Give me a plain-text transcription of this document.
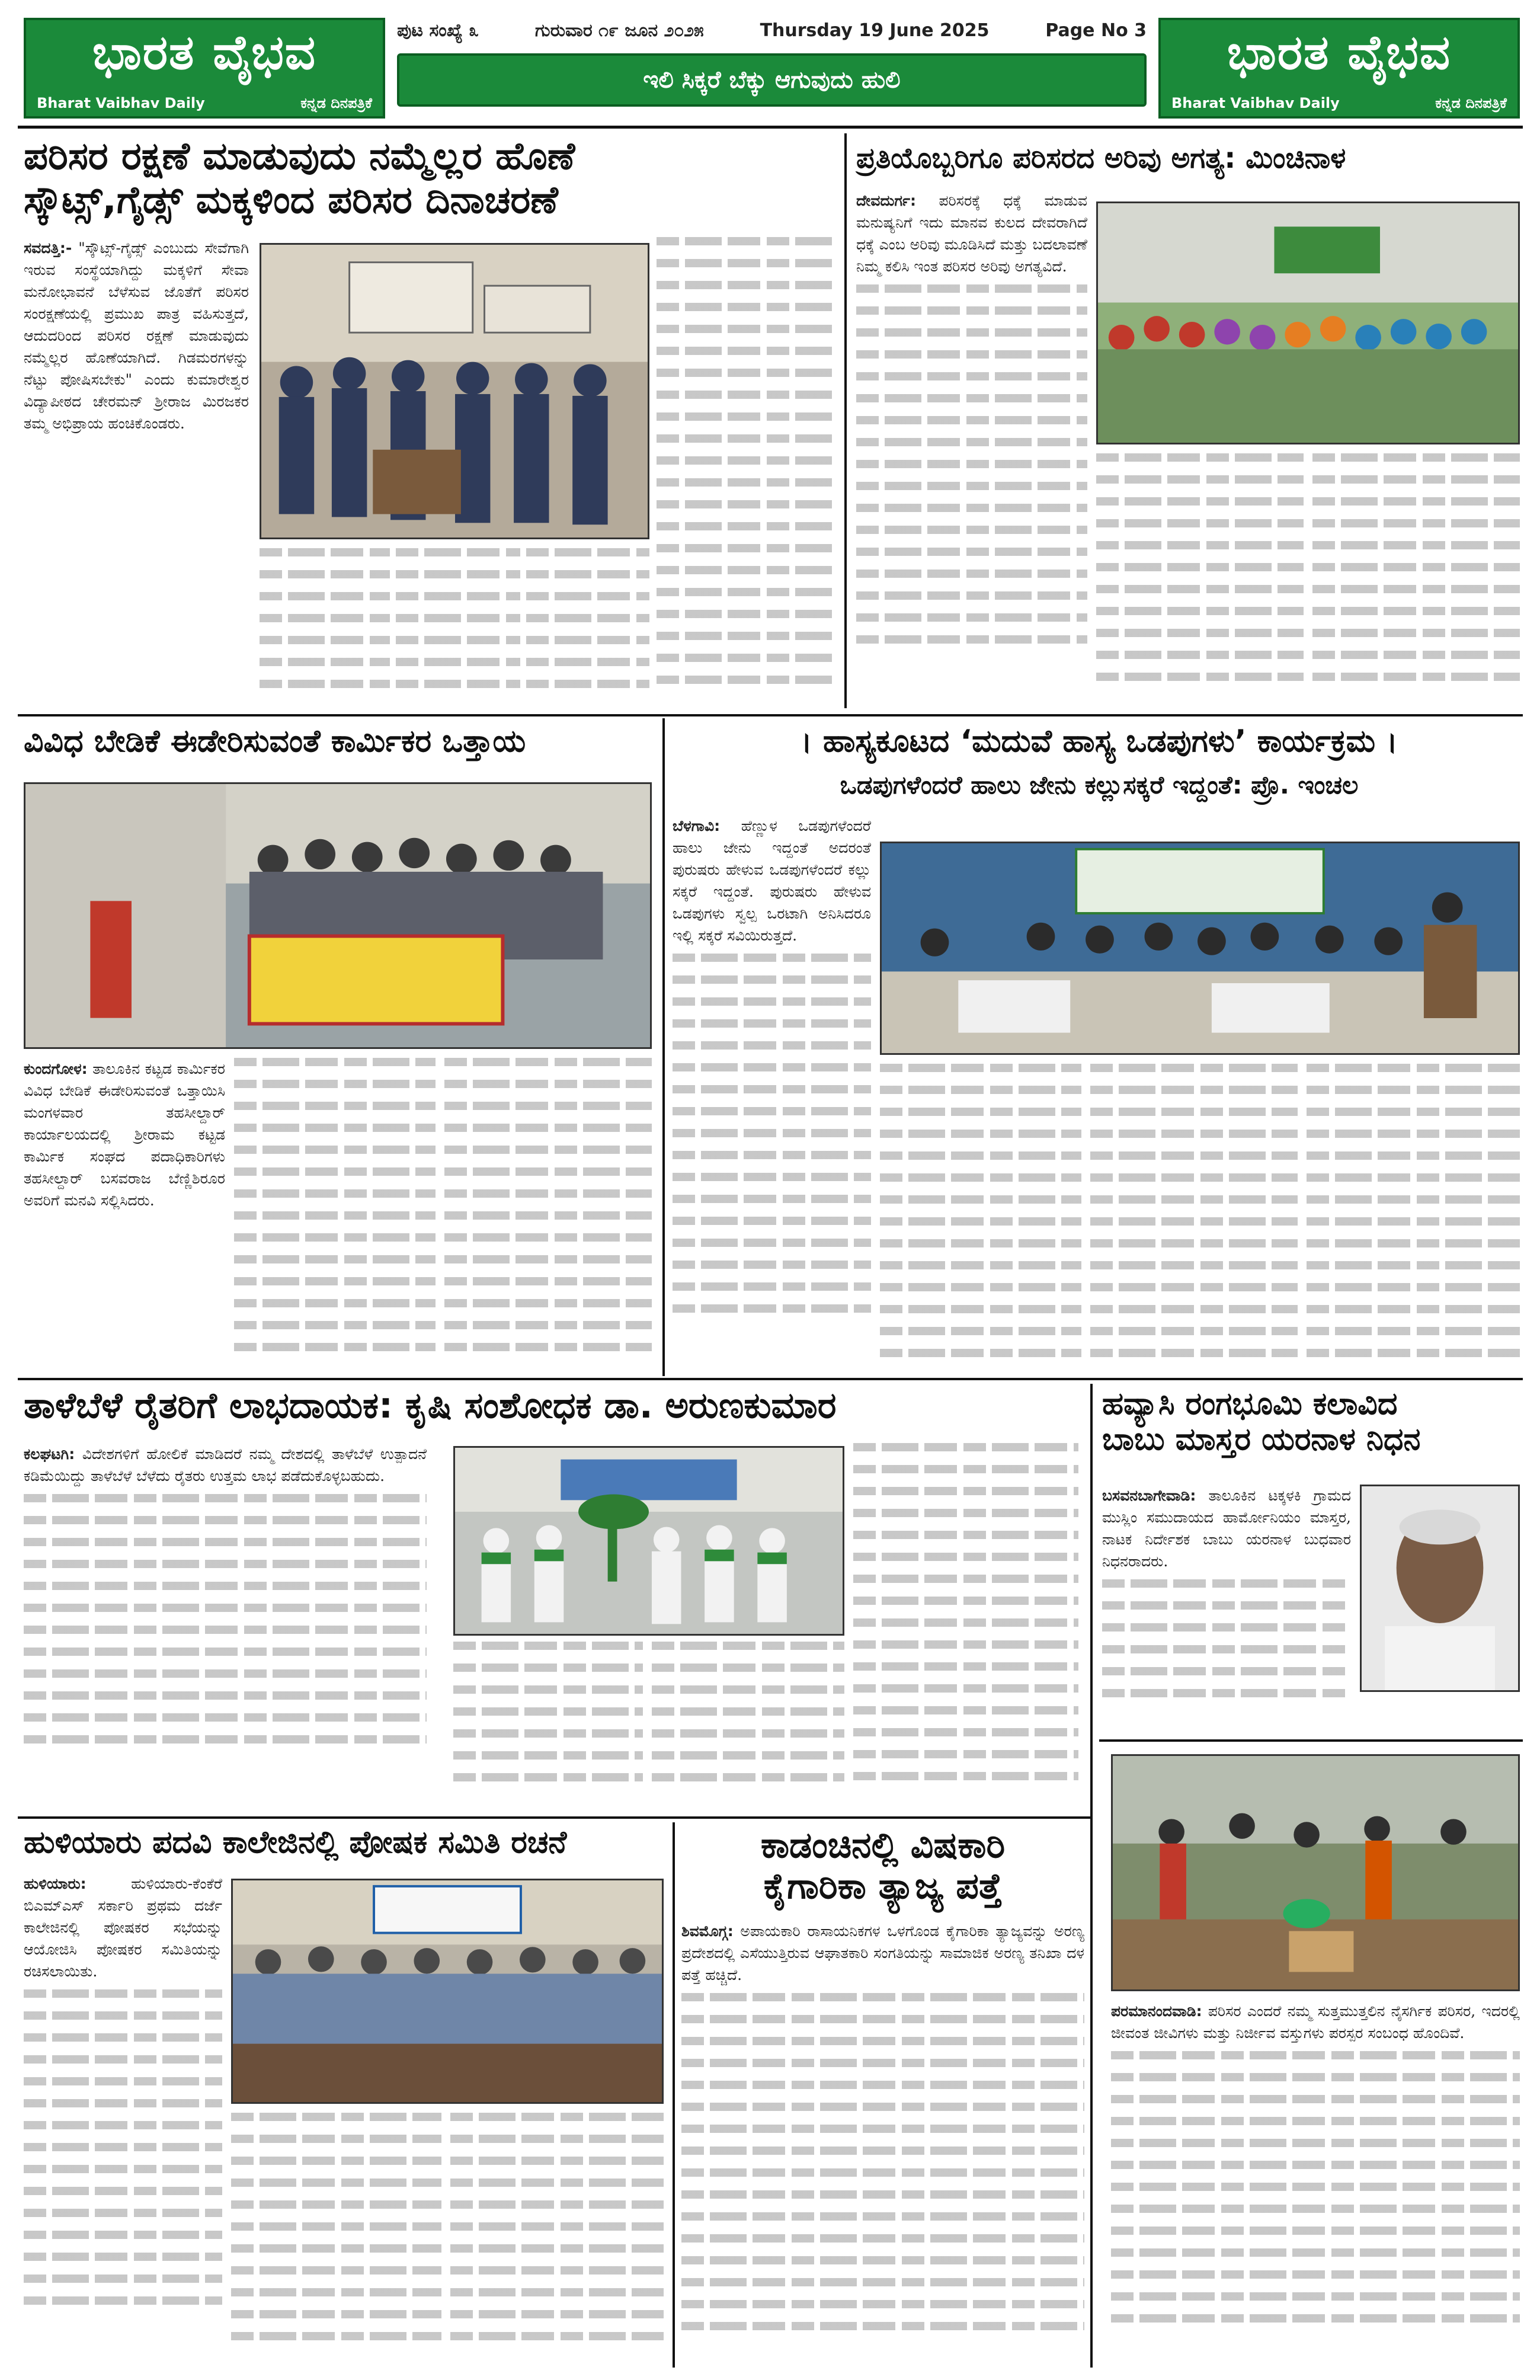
ಭಾರತ ವೈಭವ
Bharat Vaibhav Daily	ಕನ್ನಡ ದಿನಪತ್ರಿಕೆ
ಪುಟ ಸಂಖ್ಯೆ ೩	ಗುರುವಾರ ೧೯ ಜೂನ ೨೦೨೫	Thursday 19 June 2025	Page No 3
ಇಲಿ ಸಿಕ್ಕರೆ ಬೆಕ್ಕು ಆಗುವುದು ಹುಲಿ	ಭಾರತ ವೈಭವ
Bharat Vaibhav Daily	ಕನ್ನಡ ದಿನಪತ್ರಿಕೆ
ಪರಿಸರ ರಕ್ಷಣೆ ಮಾಡುವುದು ನಮ್ಮೆಲ್ಲರ ಹೊಣೆ
ಸ್ಕೌಟ್ಸ್,ಗೈಡ್ಸ್ ಮಕ್ಕಳಿಂದ ಪರಿಸರ ದಿನಾಚರಣೆ

ಸವದತ್ತಿ:- "ಸ್ಕೌಟ್ಸ್-ಗೈಡ್ಸ್ ಎಂಬುದು ಸೇವೆಗಾಗಿ ಇರುವ ಸಂಸ್ಥೆಯಾಗಿದ್ದು ಮಕ್ಕಳಿಗೆ ಸೇವಾ ಮನೋಭಾವನೆ ಬೆಳೆಸುವ ಜೊತೆಗೆ ಪರಿಸರ ಸಂರಕ್ಷಣೆಯಲ್ಲಿ ಪ್ರಮುಖ ಪಾತ್ರ ವಹಿಸುತ್ತದೆ, ಆದುದರಿಂದ ಪರಿಸರ ರಕ್ಷಣೆ ಮಾಡುವುದು ನಮ್ಮೆಲ್ಲರ ಹೊಣೆಯಾಗಿದೆ. ಗಿಡಮರಗಳನ್ನು ನೆಟ್ಟು ಪೋಷಿಸಬೇಕು" ಎಂದು ಕುಮಾರೇಶ್ವರ ವಿದ್ಯಾಪೀಠದ ಚೇರಮನ್ ಶ್ರೀರಾಜ ಮಿರಜಕರ ತಮ್ಮ ಅಭಿಪ್ರಾಯ ಹಂಚಿಕೊಂಡರು.

ಪ್ರತಿಯೊಬ್ಬರಿಗೂ ಪರಿಸರದ ಅರಿವು ಅಗತ್ಯ: ಮಿಂಚಿನಾಳ

ದೇವದುರ್ಗ: ಪರಿಸರಕ್ಕೆ ಧಕ್ಕೆ ಮಾಡುವ ಮನುಷ್ಯನಿಗೆ ಇದು ಮಾನವ ಕುಲದ ದೇವರಾಗಿದೆ ಧಕ್ಕೆ ಎಂಬ ಅರಿವು ಮೂಡಿಸಿದೆ ಮತ್ತು ಬದಲಾವಣೆ ನಿಮ್ಮ ಕಲಿಸಿ ಇಂತ ಪರಿಸರ ಅರಿವು ಅಗತ್ಯವಿದೆ.

ವಿವಿಧ ಬೇಡಿಕೆ ಈಡೇರಿಸುವಂತೆ ಕಾರ್ಮಿಕರ ಒತ್ತಾಯ

ಕುಂದಗೋಳ: ತಾಲೂಕಿನ ಕಟ್ಟಡ ಕಾರ್ಮಿಕರ ವಿವಿಧ ಬೇಡಿಕೆ ಈಡೇರಿಸುವಂತೆ ಒತ್ತಾಯಿಸಿ ಮಂಗಳವಾರ ತಹಸೀಲ್ದಾರ್ ಕಾರ್ಯಾಲಯದಲ್ಲಿ ಶ್ರೀರಾಮ ಕಟ್ಟಡ ಕಾರ್ಮಿಕ ಸಂಘದ ಪದಾಧಿಕಾರಿಗಳು ತಹಸೀಲ್ದಾರ್ ಬಸವರಾಜ ಬೆಣ್ಣಿಶಿರೂರ ಅವರಿಗೆ ಮನವಿ ಸಲ್ಲಿಸಿದರು.

। ಹಾಸ್ಯಕೂಟದ ‘ಮದುವೆ ಹಾಸ್ಯ ಒಡಪುಗಳು’ ಕಾರ್ಯಕ್ರಮ ।
ಒಡಪುಗಳೆಂದರೆ ಹಾಲು ಜೇನು ಕಲ್ಲುಸಕ್ಕರೆ ಇದ್ದಂತೆ: ಪ್ರೊ. ಇಂಚಲ

ಬೆಳಗಾವಿ: ಹೆಣ್ಣುಳ ಒಡಪುಗಳೆಂದರೆ ಹಾಲು ಜೇನು ಇದ್ದಂತೆ ಅದರಂತೆ ಪುರುಷರು ಹೇಳುವ ಒಡಪುಗಳೆಂದರೆ ಕಲ್ಲು ಸಕ್ಕರೆ ಇದ್ದಂತೆ. ಪುರುಷರು ಹೇಳುವ ಒಡಪುಗಳು ಸ್ವಲ್ಪ ಒರಟಾಗಿ ಅನಿಸಿದರೂ ಇಲ್ಲಿ ಸಕ್ಕರೆ ಸವಿಯಿರುತ್ತದೆ.

ತಾಳೆಬೆಳೆ ರೈತರಿಗೆ ಲಾಭದಾಯಕ: ಕೃಷಿ ಸಂಶೋಧಕ ಡಾ. ಅರುಣಕುಮಾರ

ಕಲಘಟಗಿ: ವಿದೇಶಗಳಿಗೆ ಹೋಲಿಕೆ ಮಾಡಿದರೆ ನಮ್ಮ ದೇಶದಲ್ಲಿ ತಾಳೆಬೆಳೆ ಉತ್ಪಾದನೆ ಕಡಿಮೆಯಿದ್ದು ತಾಳೆಬೆಳೆ ಬೆಳೆದು ರೈತರು ಉತ್ತಮ ಲಾಭ ಪಡೆದುಕೊಳ್ಳಬಹುದು.

ಹವ್ಯಾಸಿ ರಂಗಭೂಮಿ ಕಲಾವಿದ
ಬಾಬು ಮಾಸ್ತರ ಯರನಾಳ ನಿಧನ

ಬಸವನಬಾಗೇವಾಡಿ: ತಾಲೂಕಿನ ಟಕ್ಕಳಕಿ ಗ್ರಾಮದ ಮುಸ್ಲಿಂ ಸಮುದಾಯದ ಹಾರ್ಮೋನಿಯಂ ಮಾಸ್ತರ, ನಾಟಕ ನಿರ್ದೇಶಕ ಬಾಬು ಯರನಾಳ ಬುಧವಾರ ನಿಧನರಾದರು.

ಪರಮಾನಂದವಾಡಿ: ಪರಿಸರ ಎಂದರೆ ನಮ್ಮ ಸುತ್ತಮುತ್ತಲಿನ ನೈಸರ್ಗಿಕ ಪರಿಸರ, ಇದರಲ್ಲಿ ಜೀವಂತ ಜೀವಿಗಳು ಮತ್ತು ನಿರ್ಜೀವ ವಸ್ತುಗಳು ಪರಸ್ಪರ ಸಂಬಂಧ ಹೊಂದಿವೆ.

ಹುಳಿಯಾರು ಪದವಿ ಕಾಲೇಜಿನಲ್ಲಿ ಪೋಷಕ ಸಮಿತಿ ರಚನೆ

ಹುಳಿಯಾರು:	ಹುಳಿಯಾರು-ಕೆಂಕೆರೆ ಬಿಎಮ್‍ಎಸ್ ಸರ್ಕಾರಿ ಪ್ರಥಮ ದರ್ಜೆ ಕಾಲೇಜಿನಲ್ಲಿ ಪೋಷಕರ ಸಭೆಯನ್ನು ಆಯೋಜಿಸಿ ಪೋಷಕರ ಸಮಿತಿಯನ್ನು ರಚಿಸಲಾಯಿತು.

ಕಾಡಂಚಿನಲ್ಲಿ ವಿಷಕಾರಿ
ಕೈಗಾರಿಕಾ ತ್ಯಾಜ್ಯ ಪತ್ತೆ

ಶಿವಮೊಗ್ಗ: ಅಪಾಯಕಾರಿ ರಾಸಾಯನಿಕಗಳ ಒಳಗೊಂಡ ಕೈಗಾರಿಕಾ ತ್ಯಾಜ್ಯವನ್ನು ಅರಣ್ಯ ಪ್ರದೇಶದಲ್ಲಿ ಎಸೆಯುತ್ತಿರುವ ಆಘಾತಕಾರಿ ಸಂಗತಿಯನ್ನು ಸಾಮಾಜಿಕ ಅರಣ್ಯ ತನಿಖಾ ದಳ ಪತ್ತೆ ಹಚ್ಚಿದೆ.
